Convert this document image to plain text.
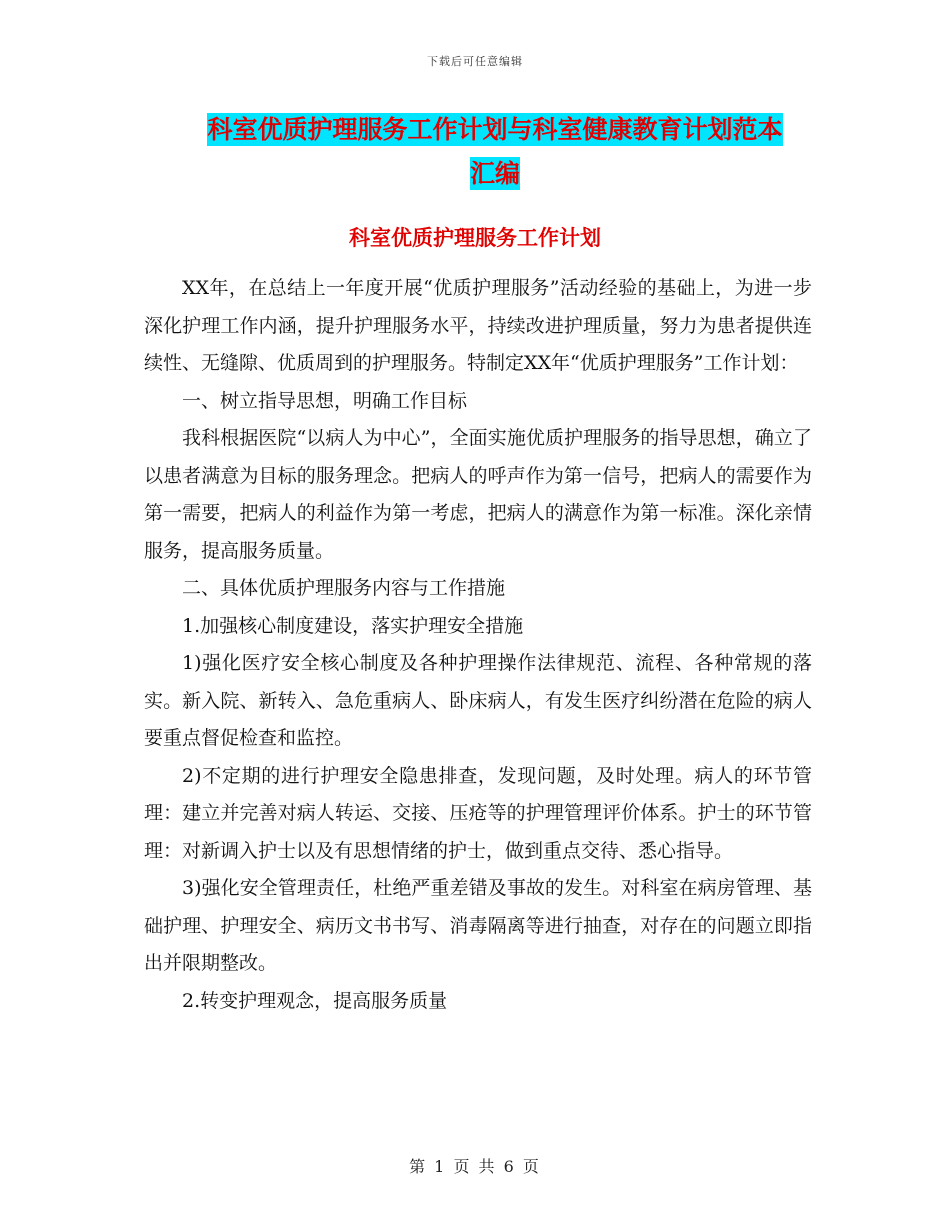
下载后可任意编辑
科室优质护理服务工作计划与科室健康教育计划范本
汇编
科室优质护理服务工作计划

XX年，在总结上一年度开展“优质护理服务”活动经验的基础上，为进一步深化护理工作内涵，提升护理服务水平，持续改进护理质量，努力为患者提供连续性、无缝隙、优质周到的护理服务。特制定XX年“优质护理服务”工作计划：

一、树立指导思想，明确工作目标

我科根据医院“以病人为中心”，全面实施优质护理服务的指导思想，确立了以患者满意为目标的服务理念。把病人的呼声作为第一信号，把病人的需要作为第一需要，把病人的利益作为第一考虑，把病人的满意作为第一标准。深化亲情服务，提高服务质量。

二、具体优质护理服务内容与工作措施

1.加强核心制度建设，落实护理安全措施

1)强化医疗安全核心制度及各种护理操作法律规范、流程、各种常规的落实。新入院、新转入、急危重病人、卧床病人，有发生医疗纠纷潜在危险的病人要重点督促检查和监控。

2)不定期的进行护理安全隐患排查，发现问题，及时处理。病人的环节管理：建立并完善对病人转运、交接、压疮等的护理管理评价体系。护士的环节管理：对新调入护士以及有思想情绪的护士，做到重点交待、悉心指导。

3)强化安全管理责任，杜绝严重差错及事故的发生。对科室在病房管理、基础护理、护理安全、病历文书书写、消毒隔离等进行抽查，对存在的问题立即指出并限期整改。

2.转变护理观念，提高服务质量

第 1 页 共 6 页
